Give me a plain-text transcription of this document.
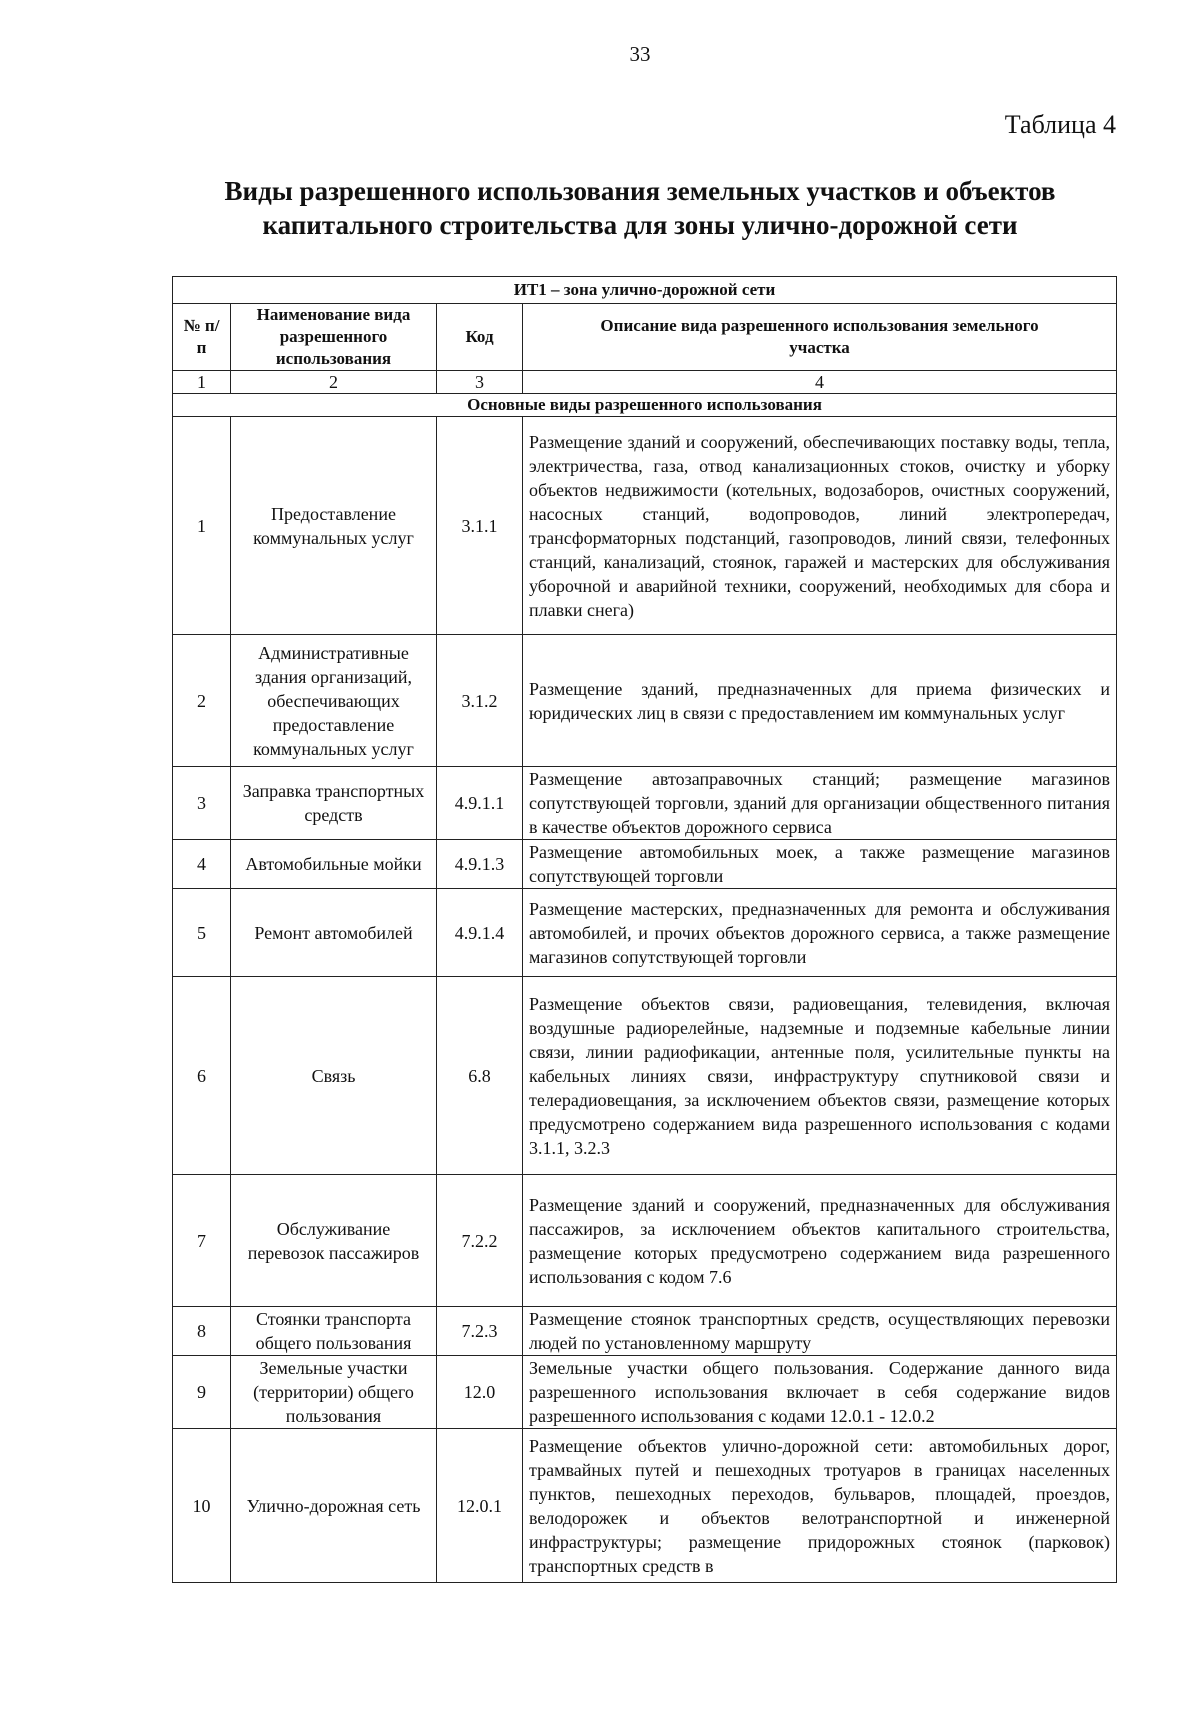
33
Таблица 4
Виды разрешенного использования земельных участков и объектов
капитального строительства для зоны улично-дорожной сети
ИТ1 – зона улично-дорожной сети			
№ п/п	Наименование вида разрешенного использования	Код	Описание вида разрешенного использования земельного участка
1	2	3	4
Основные виды разрешенного использования			
1	Предоставление коммунальных услуг	3.1.1	Размещение зданий и сооружений, обеспечивающих поставку воды, тепла, электричества, газа, отвод канализационных стоков, очистку и уборку объектов недвижимости (котельных, водозаборов, очистных сооружений, насосных станций, водопроводов, линий электропередач, трансформаторных подстанций, газопроводов, линий связи, телефонных станций, канализаций, стоянок, гаражей и мастерских для обслуживания уборочной и аварийной техники, сооружений, необходимых для сбора и плавки снега)
2	Административные здания организаций, обеспечивающих предоставление коммунальных услуг	3.1.2	Размещение зданий, предназначенных для приема физических и юридических лиц в связи с предоставлением им коммунальных услуг
3	Заправка транспортных средств	4.9.1.1	Размещение автозаправочных станций; размещение магазинов сопутствующей торговли, зданий для организации общественного питания в качестве объектов дорожного сервиса
4	Автомобильные мойки	4.9.1.3	Размещение автомобильных моек, а также размещение магазинов сопутствующей торговли
5	Ремонт автомобилей	4.9.1.4	Размещение мастерских, предназначенных для ремонта и обслуживания автомобилей, и прочих объектов дорожного сервиса, а также размещение магазинов сопутствующей торговли
6	Связь	6.8	Размещение объектов связи, радиовещания, телевидения, включая воздушные радиорелейные, надземные и подземные кабельные линии связи, линии радиофикации, антенные поля, усилительные пункты на кабельных линиях связи, инфраструктуру спутниковой связи и телерадиовещания, за исключением объектов связи, размещение которых предусмотрено содержанием вида разрешенного использования с кодами 3.1.1, 3.2.3
7	Обслуживание перевозок пассажиров	7.2.2	Размещение зданий и сооружений, предназначенных для обслуживания пассажиров, за исключением объектов капитального строительства, размещение которых предусмотрено содержанием вида разрешенного использования с кодом 7.6
8	Стоянки транспорта общего пользования	7.2.3	Размещение стоянок транспортных средств, осуществляющих перевозки людей по установленному маршруту
9	Земельные участки (территории) общего пользования	12.0	Земельные участки общего пользования. Содержание данного вида разрешенного использования включает в себя содержание видов разрешенного использования с кодами 12.0.1 - 12.0.2
10	Улично-дорожная сеть	12.0.1	Размещение объектов улично-дорожной сети: автомобильных дорог, трамвайных путей и пешеходных тротуаров в границах населенных пунктов, пешеходных переходов, бульваров, площадей, проездов, велодорожек и объектов велотранспортной и инженерной инфраструктуры; размещение придорожных стоянок (парковок) транспортных средств в
